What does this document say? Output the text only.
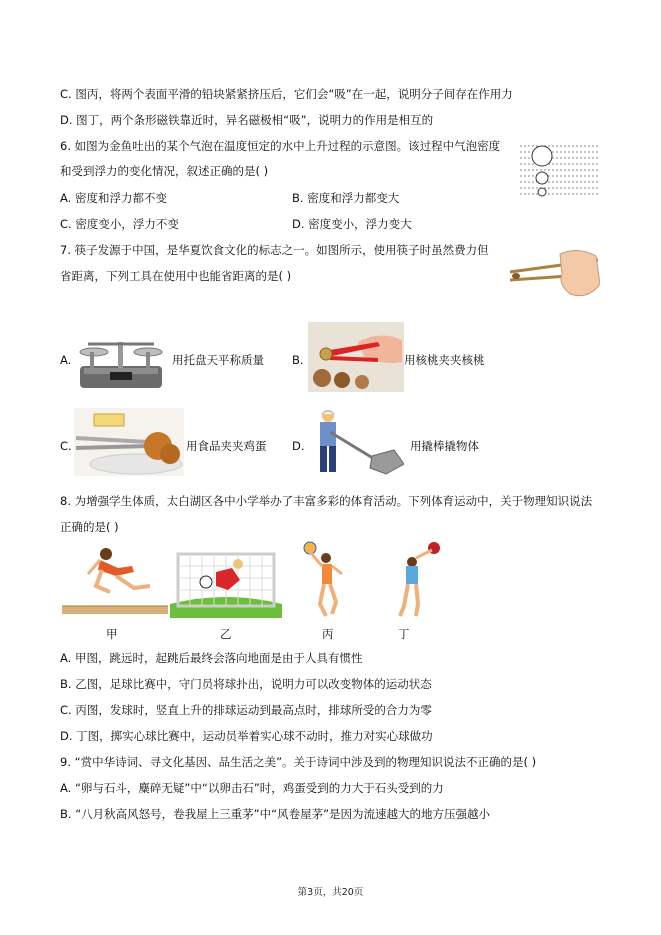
C. 图丙，将两个表面平滑的铅块紧紧挤压后，它们会“吸”在一起，说明分子间存在作用力
D. 图丁，两个条形磁铁靠近时，异名磁极相“吸”，说明力的作用是相互的
6. 如图为金鱼吐出的某个气泡在温度恒定的水中上升过程的示意图。该过程中气泡密度
和受到浮力的变化情况，叙述正确的是( )
A. 密度和浮力都不变	B. 密度和浮力都变大
C. 密度变小，浮力不变	D. 密度变小，浮力变大
7. 筷子发源于中国，是华夏饮食文化的标志之一。如图所示，使用筷子时虽然费力但
省距离，下列工具在使用中也能省距离的是( )
A.	用托盘天平称质量 B.	用核桃夹夹核桃
C.	用食品夹夹鸡蛋 D.	用撬棒撬物体
8. 为增强学生体质，太白湖区各中小学举办了丰富多彩的体育活动。下列体育运动中，关于物理知识说法
正确的是( )
甲	乙	丙	丁
A. 甲图，跳远时，起跳后最终会落向地面是由于人具有惯性
B. 乙图，足球比赛中，守门员将球扑出，说明力可以改变物体的运动状态
C. 丙图，发球时，竖直上升的排球运动到最高点时，排球所受的合力为零
D. 丁图，掷实心球比赛中，运动员举着实心球不动时，推力对实心球做功
9. “赏中华诗词、寻文化基因、品生活之美”。关于诗词中涉及到的物理知识说法不正确的是( )
A. “卵与石斗，麋碎无疑”中“以卵击石”时，鸡蛋受到的力大于石头受到的力
B. “八月秋高风怒号，卷我屋上三重茅”中“风卷屋茅”是因为流速越大的地方压强越小
第3页，共20页
